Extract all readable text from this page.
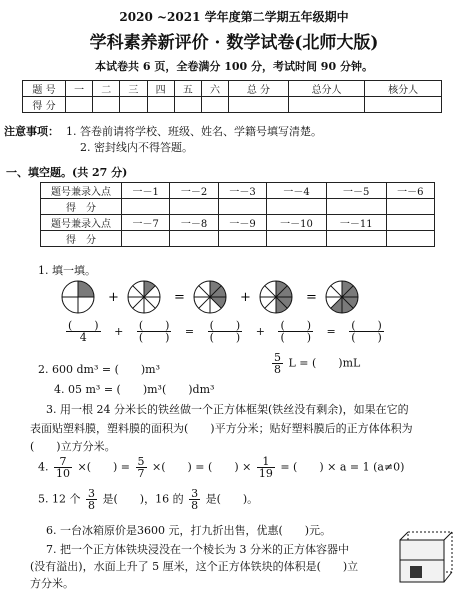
2020 ~2021 学年度第二学期五年级期中
学科素养新评价 · 数学试卷(北师大版)
本试卷共 6 页，全卷满分 100 分，考试时间 90 分钟。
题 号	一	二	三	四	五	六	总 分	总分人	核分人
得 分									
注意事项： 1. 答卷前请将学校、班级、姓名、学籍号填写清楚。
2. 密封线内不得答题。
一、填空题。(共 27 分)
题号兼录入点	一－1	一－2	一－3	一－4	一－5	一－6
得　分						
题号兼录入点	一－7	一－8	一－9	一－10	一－11	
得　分						
1. 填一填。
+	=	+	=
$\frac{( )}{4} + \frac{( )}{( )} = \frac{( )}{( )} + \frac{( )}{( )} = \frac{( )}{( )}$
2. 600 dm³ = (　　)m³	$\frac{5}{8}$ L = (　　)mL
4. 05 m³ = (　　)m³(　　)dm³
3. 用一根 24 分米长的铁丝做一个正方体框架(铁丝没有剩余)，如果在它的
表面贴塑料膜，塑料膜的面积为(　　)平方分米；贴好塑料膜后的正方体体积为
(　　)立方分米。
4. $\frac{7}{10}$ ×(　　) = $\frac{5}{7}$ ×(　　) = (　　) × $\frac{1}{19}$ = (　　) × a = 1 (a≠0)
5. 12 个 $\frac{3}{8}$ 是(　　)，16 的 $\frac{3}{8}$ 是(　　)。
6. 一台冰箱原价是3600 元，打九折出售，优惠(　　)元。
7. 把一个正方体铁块浸没在一个棱长为 3 分米的正方体容器中
(没有溢出)，水面上升了 5 厘米，这个正方体铁块的体积是(　　)立
方分米。
